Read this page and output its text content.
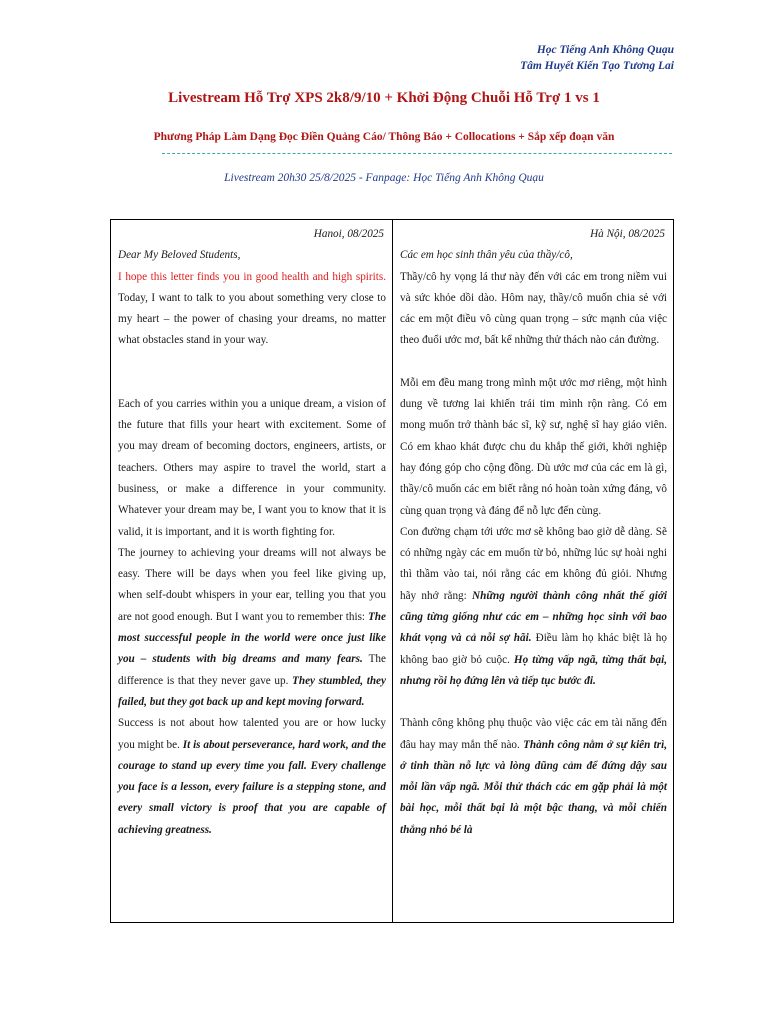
Học Tiếng Anh Không Quạu
Tâm Huyết Kiến Tạo Tương Lai
Livestream Hỗ Trợ XPS 2k8/9/10 + Khởi Động Chuỗi Hỗ Trợ 1 vs 1
Phương Pháp Làm Dạng Đọc Điền Quảng Cáo/ Thông Báo + Collocations + Sắp xếp đoạn văn
Livestream 20h30 25/8/2025 - Fanpage: Học Tiếng Anh Không Quạu
Hanoi, 08/2025
Dear My Beloved Students,

I hope this letter finds you in good health and high spirits. Today, I want to talk to you about something very close to my heart – the power of chasing your dreams, no matter what obstacles stand in your way.

Each of you carries within you a unique dream, a vision of the future that fills your heart with excitement. Some of you may dream of becoming doctors, engineers, artists, or teachers. Others may aspire to travel the world, start a business, or make a difference in your community. Whatever your dream may be, I want you to know that it is valid, it is important, and it is worth fighting for.

The journey to achieving your dreams will not always be easy. There will be days when you feel like giving up, when self-doubt whispers in your ear, telling you that you are not good enough. But I want you to remember this: The most successful people in the world were once just like you – students with big dreams and many fears. The difference is that they never gave up. They stumbled, they failed, but they got back up and kept moving forward.

Success is not about how talented you are or how lucky you might be. It is about perseverance, hard work, and the courage to stand up every time you fall. Every challenge you face is a lesson, every failure is a stepping stone, and every small victory is proof that you are capable of achieving greatness.

Hà Nội, 08/2025
Các em học sinh thân yêu của thầy/cô,

Thầy/cô hy vọng lá thư này đến với các em trong niềm vui và sức khỏe dồi dào. Hôm nay, thầy/cô muốn chia sẻ với các em một điều vô cùng quan trọng – sức mạnh của việc theo đuổi ước mơ, bất kể những thử thách nào cản đường.

Mỗi em đều mang trong mình một ước mơ riêng, một hình dung về tương lai khiến trái tim mình rộn ràng. Có em mong muốn trở thành bác sĩ, kỹ sư, nghệ sĩ hay giáo viên. Có em khao khát được chu du khắp thế giới, khởi nghiệp hay đóng góp cho cộng đồng. Dù ước mơ của các em là gì, thầy/cô muốn các em biết rằng nó hoàn toàn xứng đáng, vô cùng quan trọng và đáng để nỗ lực đến cùng.

Con đường chạm tới ước mơ sẽ không bao giờ dễ dàng. Sẽ có những ngày các em muốn từ bỏ, những lúc sự hoài nghi thì thầm vào tai, nói rằng các em không đủ giỏi. Nhưng hãy nhớ rằng: Những người thành công nhất thế giới cũng từng giống như các em – những học sinh với bao khát vọng và cả nỗi sợ hãi. Điều làm họ khác biệt là họ không bao giờ bỏ cuộc. Họ từng vấp ngã, từng thất bại, nhưng rồi họ đứng lên và tiếp tục bước đi.

Thành công không phụ thuộc vào việc các em tài năng đến đâu hay may mắn thế nào. Thành công nằm ở sự kiên trì, ở tinh thần nỗ lực và lòng dũng cảm để đứng dậy sau mỗi lần vấp ngã. Mỗi thử thách các em gặp phải là một bài học, mỗi thất bại là một bậc thang, và mỗi chiến thắng nhỏ bé là
